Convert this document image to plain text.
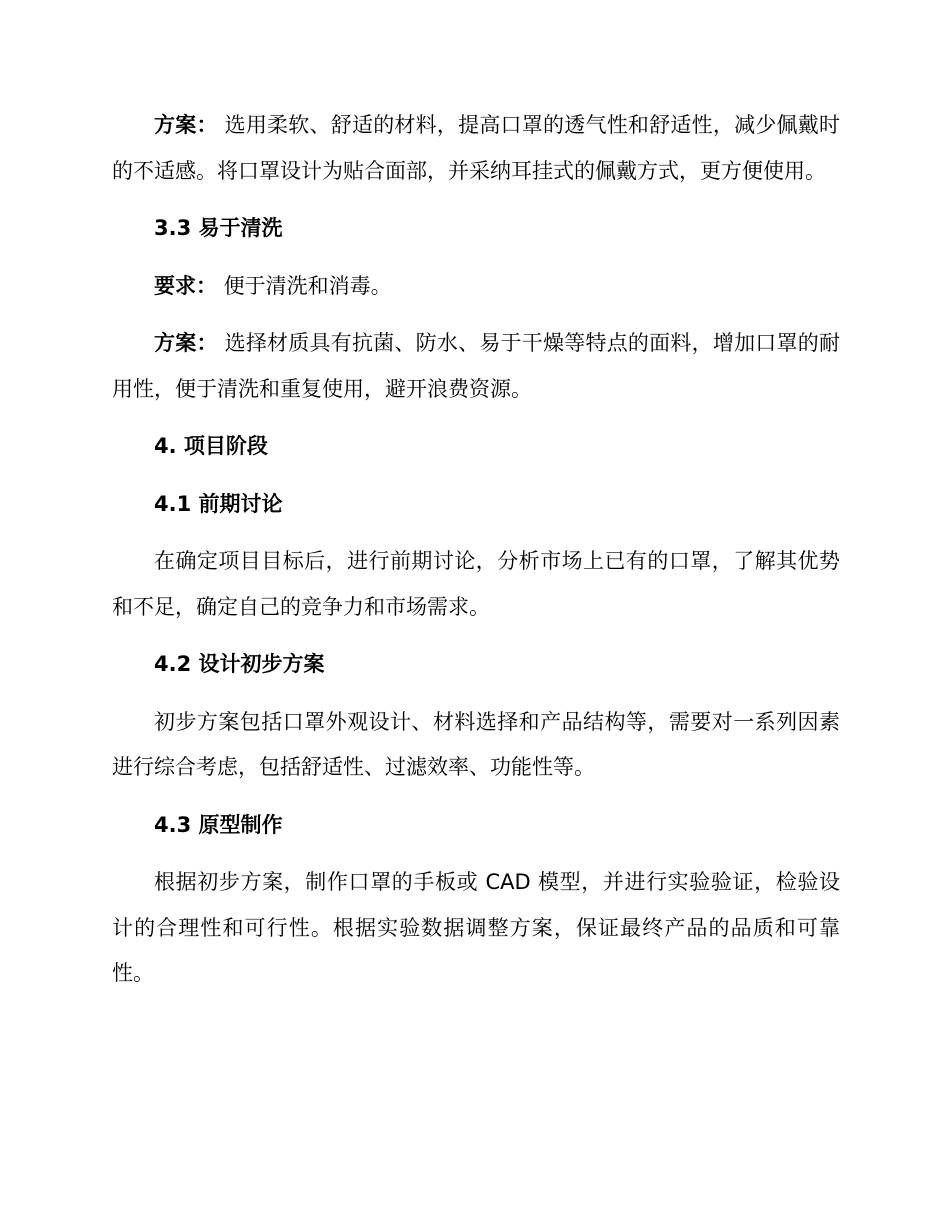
方案： 选用柔软、舒适的材料，提高口罩的透气性和舒适性，减少佩戴时的不适感。将口罩设计为贴合面部，并采纳耳挂式的佩戴方式，更方便使用。

3.3 易于清洗

要求： 便于清洗和消毒。

方案： 选择材质具有抗菌、防水、易于干燥等特点的面料，增加口罩的耐用性，便于清洗和重复使用，避开浪费资源。

4. 项目阶段
4.1 前期讨论

在确定项目目标后，进行前期讨论，分析市场上已有的口罩，了解其优势和不足，确定自己的竞争力和市场需求。

4.2 设计初步方案

初步方案包括口罩外观设计、材料选择和产品结构等，需要对一系列因素进行综合考虑，包括舒适性、过滤效率、功能性等。

4.3 原型制作

根据初步方案，制作口罩的手板或 CAD 模型，并进行实验验证，检验设计的合理性和可行性。根据实验数据调整方案，保证最终产品的品质和可靠性。
